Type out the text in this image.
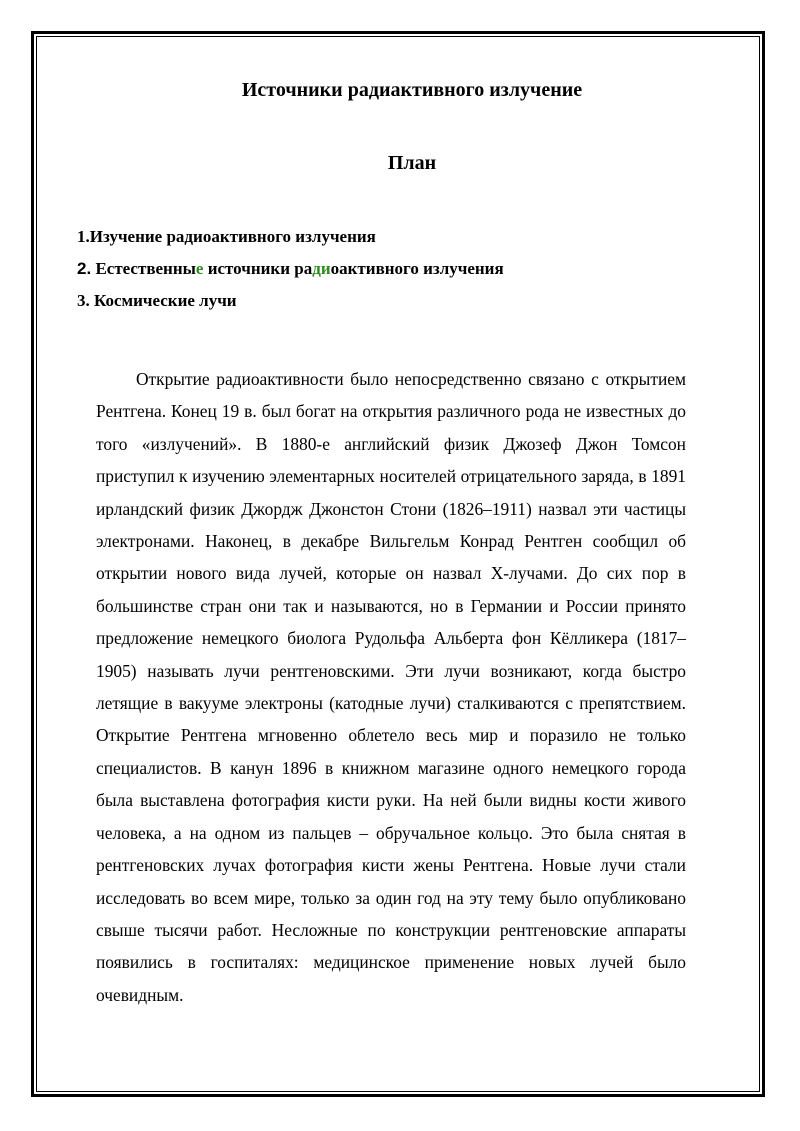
Источники радиактивного излучение
План
1.Изучение радиоактивного излучения
2. Естественные источники радиоактивного излучения
3. Космические лучи

Открытие радиоактивности было непосредственно связано с открытием Рентгена. Конец 19 в. был богат на открытия различного рода не известных до того «излучений». В 1880-е английский физик Джозеф Джон Томсон приступил к изучению элементарных носителей отрицательного заряда, в 1891 ирландский физик Джордж Джонстон Стони (1826–1911) назвал эти частицы электронами. Наконец, в декабре Вильгельм Конрад Рентген сообщил об открытии нового вида лучей, которые он назвал Х-лучами. До сих пор в большинстве стран они так и называются, но в Германии и России принято предложение немецкого биолога Рудольфа Альберта фон Кёлликера (1817–1905) называть лучи рентгеновскими. Эти лучи возникают, когда быстро летящие в вакууме электроны (катодные лучи) сталкиваются с препятствием. Открытие Рентгена мгновенно облетело весь мир и поразило не только специалистов. В канун 1896 в книжном магазине одного немецкого города была выставлена фотография кисти руки. На ней были видны кости живого человека, а на одном из пальцев – обручальное кольцо. Это была снятая в рентгеновских лучах фотография кисти жены Рентгена. Новые лучи стали исследовать во всем мире, только за один год на эту тему было опубликовано свыше тысячи работ. Несложные по конструкции рентгеновские аппараты появились в госпиталях: медицинское применение новых лучей было очевидным.
